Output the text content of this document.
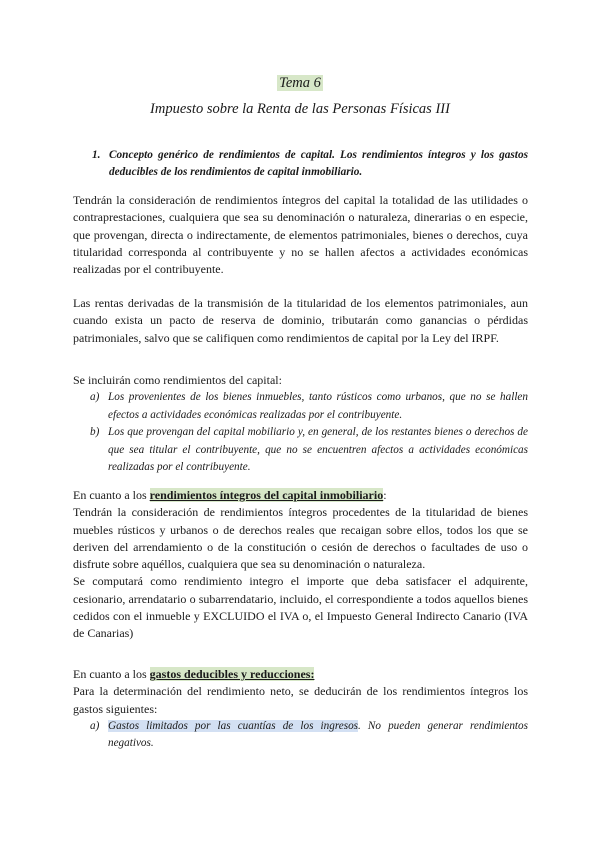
Tema 6

Impuesto sobre la Renta de las Personas Físicas III

1. Concepto genérico de rendimientos de capital. Los rendimientos íntegros y los gastos deducibles de los rendimientos de capital inmobiliario.

Tendrán la consideración de rendimientos íntegros del capital la totalidad de las utilidades o contraprestaciones, cualquiera que sea su denominación o naturaleza, dinerarias o en especie, que provengan, directa o indirectamente, de elementos patrimoniales, bienes o derechos, cuya titularidad corresponda al contribuyente y no se hallen afectos a actividades económicas realizadas por el contribuyente.

Las rentas derivadas de la transmisión de la titularidad de los elementos patrimoniales, aun cuando exista un pacto de reserva de dominio, tributarán como ganancias o pérdidas patrimoniales, salvo que se califiquen como rendimientos de capital por la Ley del IRPF.

Se incluirán como rendimientos del capital:

a) Los provenientes de los bienes inmuebles, tanto rústicos como urbanos, que no se hallen efectos a actividades económicas realizadas por el contribuyente.
b) Los que provengan del capital mobiliario y, en general, de los restantes bienes o derechos de que sea titular el contribuyente, que no se encuentren afectos a actividades económicas realizadas por el contribuyente.

En cuanto a los rendimientos íntegros del capital inmobiliario:

Tendrán la consideración de rendimientos íntegros procedentes de la titularidad de bienes muebles rústicos y urbanos o de derechos reales que recaigan sobre ellos, todos los que se deriven del arrendamiento o de la constitución o cesión de derechos o facultades de uso o disfrute sobre aquéllos, cualquiera que sea su denominación o naturaleza.

Se computará como rendimiento integro el importe que deba satisfacer el adquirente, cesionario, arrendatario o subarrendatario, incluido, el correspondiente a todos aquellos bienes cedidos con el inmueble y EXCLUIDO el IVA o, el Impuesto General Indirecto Canario (IVA de Canarias)

En cuanto a los gastos deducibles y reducciones:

Para la determinación del rendimiento neto, se deducirán de los rendimientos íntegros los gastos siguientes:

a) Gastos limitados por las cuantías de los ingresos. No pueden generar rendimientos negativos.
